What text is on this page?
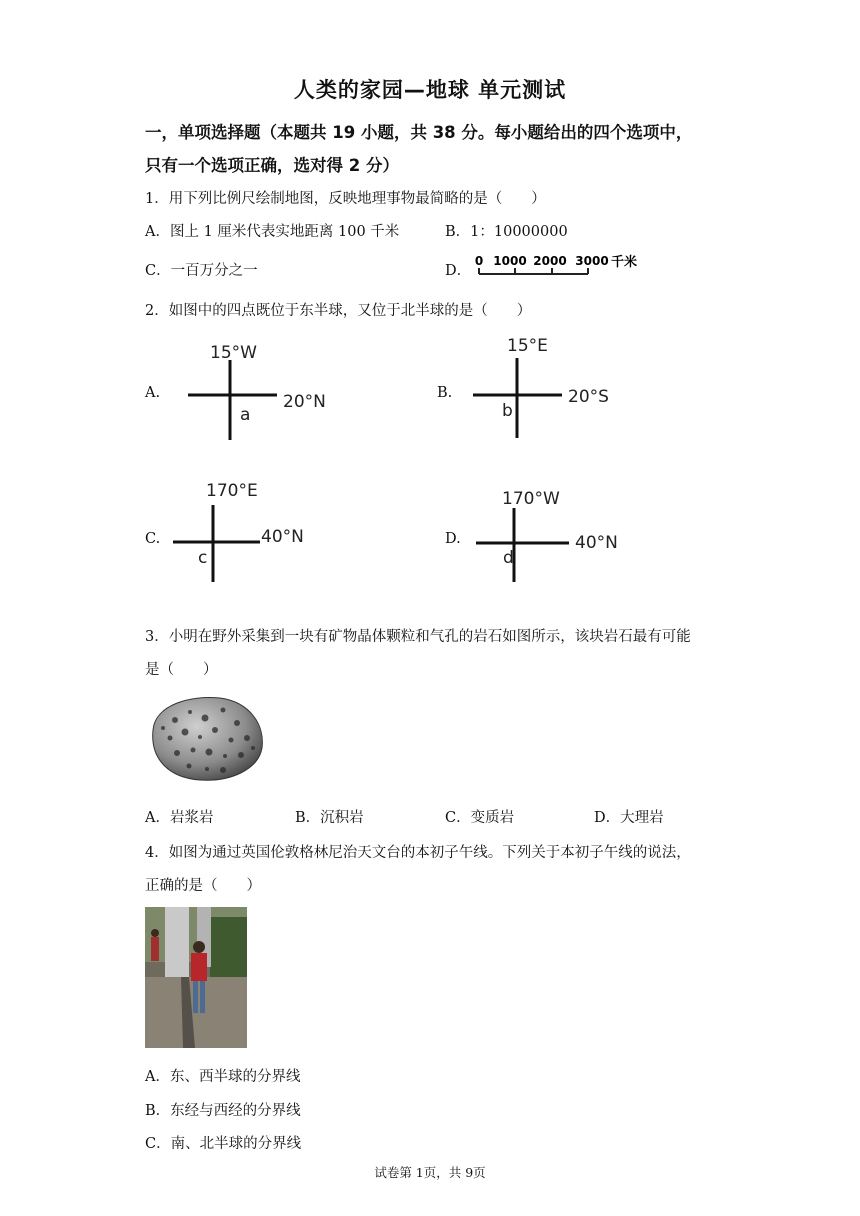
人类的家园—地球 单元测试
一，单项选择题（本题共 19 小题，共 38 分。每小题给出的四个选项中，
只有一个选项正确，选对得 2 分）
1．用下列比例尺绘制地图，反映地理事物最简略的是（　　）
A．图上 1 厘米代表实地距离 100 千米	B．1：10000000
C．一百万分之一	D．
0 1000 2000 3000 千米
2．如图中的四点既位于东半球，又位于北半球的是（　　）
A.
15°W
20°N
a
B.
15°E
20°S
b
C.
170°E
40°N
c
D.
170°W
40°N
d
3．小明在野外采集到一块有矿物晶体颗粒和气孔的岩石如图所示，该块岩石最有可能
是（　　）
A．岩浆岩	B．沉积岩	C．变质岩	D．大理岩
4．如图为通过英国伦敦格林尼治天文台的本初子午线。下列关于本初子午线的说法，
正确的是（　　）
A．东、西半球的分界线
B．东经与西经的分界线
C．南、北半球的分界线
试卷第 1页，共 9页
